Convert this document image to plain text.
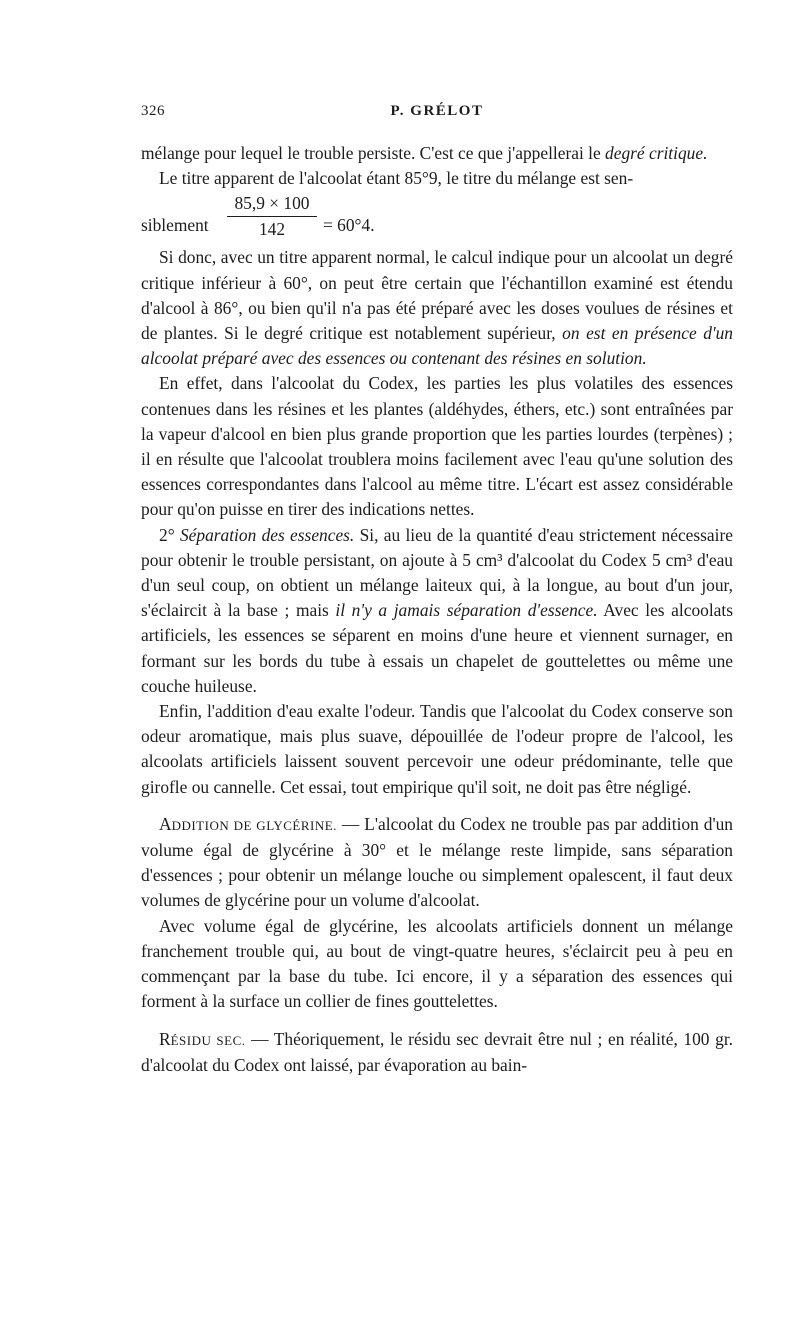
326	P. GRÉLOT

mélange pour lequel le trouble persiste. C'est ce que j'appellerai le degré critique.

Le titre apparent de l'alcoolat étant 85°9, le titre du mélange est sen-

siblement $\frac{85,9 \times 100}{142} = 60^\circ 4$.

Si donc, avec un titre apparent normal, le calcul indique pour un alcoolat un degré critique inférieur à 60°, on peut être certain que l'échantillon examiné est étendu d'alcool à 86°, ou bien qu'il n'a pas été préparé avec les doses voulues de résines et de plantes. Si le degré critique est notablement supérieur, on est en présence d'un alcoolat préparé avec des essences ou contenant des résines en solution.

En effet, dans l'alcoolat du Codex, les parties les plus volatiles des essences contenues dans les résines et les plantes (aldéhydes, éthers, etc.) sont entraînées par la vapeur d'alcool en bien plus grande proportion que les parties lourdes (terpènes) ; il en résulte que l'alcoolat troublera moins facilement avec l'eau qu'une solution des essences correspondantes dans l'alcool au même titre. L'écart est assez considérable pour qu'on puisse en tirer des indications nettes.

2° Séparation des essences. Si, au lieu de la quantité d'eau strictement nécessaire pour obtenir le trouble persistant, on ajoute à 5 cm³ d'alcoolat du Codex 5 cm³ d'eau d'un seul coup, on obtient un mélange laiteux qui, à la longue, au bout d'un jour, s'éclaircit à la base ; mais il n'y a jamais séparation d'essence. Avec les alcoolats artificiels, les essences se séparent en moins d'une heure et viennent surnager, en formant sur les bords du tube à essais un chapelet de gouttelettes ou même une couche huileuse.

Enfin, l'addition d'eau exalte l'odeur. Tandis que l'alcoolat du Codex conserve son odeur aromatique, mais plus suave, dépouillée de l'odeur propre de l'alcool, les alcoolats artificiels laissent souvent percevoir une odeur prédominante, telle que girofle ou cannelle. Cet essai, tout empirique qu'il soit, ne doit pas être négligé.

ADDITION DE GLYCÉRINE. — L'alcoolat du Codex ne trouble pas par addition d'un volume égal de glycérine à 30° et le mélange reste limpide, sans séparation d'essences ; pour obtenir un mélange louche ou simplement opalescent, il faut deux volumes de glycérine pour un volume d'alcoolat.

Avec volume égal de glycérine, les alcoolats artificiels donnent un mélange franchement trouble qui, au bout de vingt-quatre heures, s'éclaircit peu à peu en commençant par la base du tube. Ici encore, il y a séparation des essences qui forment à la surface un collier de fines gouttelettes.

RÉSIDU SEC. — Théoriquement, le résidu sec devrait être nul ; en réalité, 100 gr. d'alcoolat du Codex ont laissé, par évaporation au bain-
